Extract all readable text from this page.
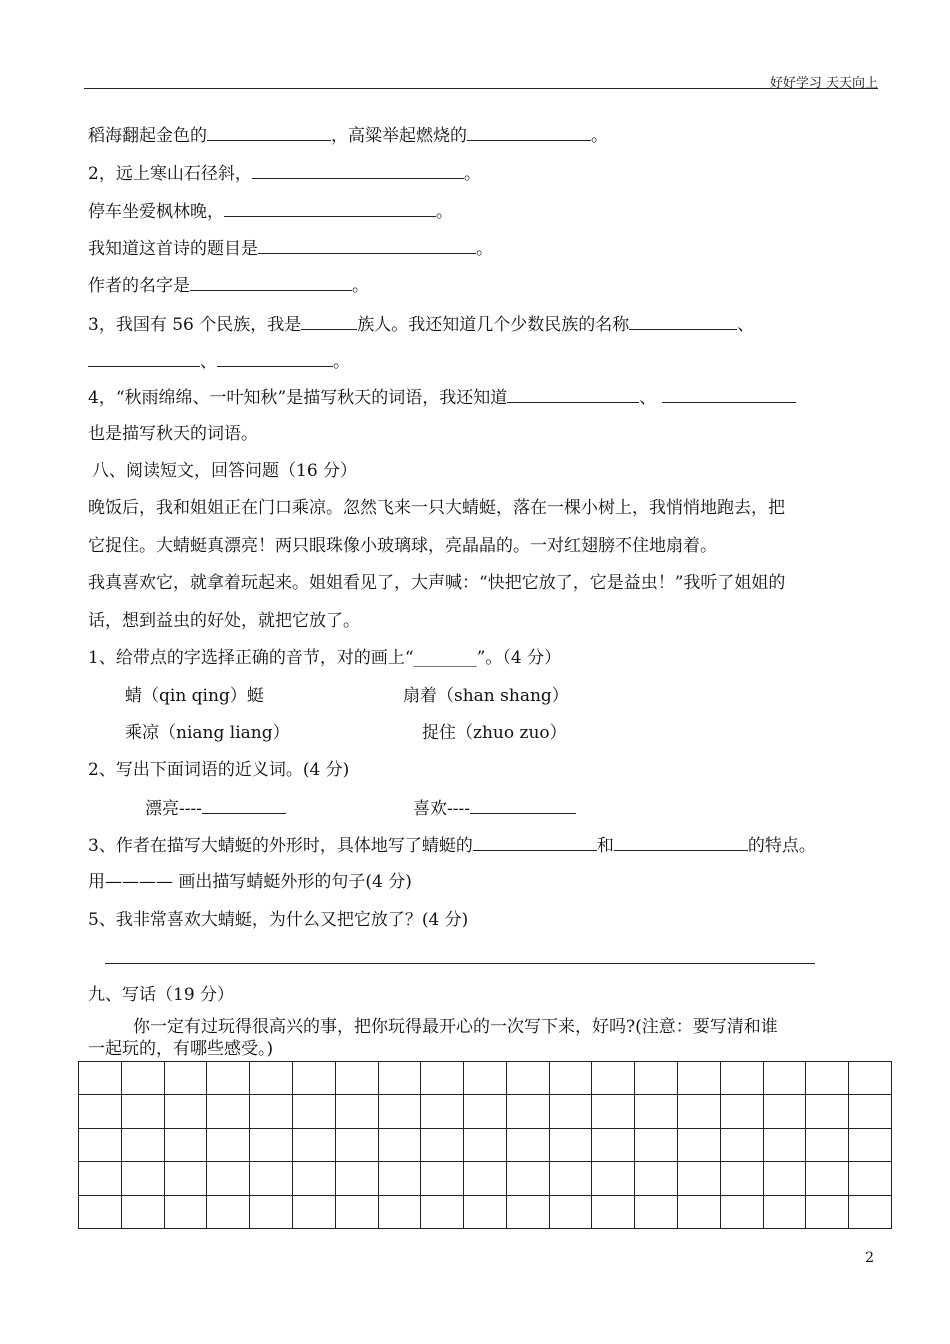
好好学习 天天向上
稻海翻起金色的	，高粱举起燃烧的	。
2，远上寒山石径斜，	。
停车坐爱枫林晚，	。
我知道这首诗的题目是	。
作者的名字是	。
3，我国有 56 个民族，我是	族人。我还知道几个少数民族的名称	、
、	。
4，“秋雨绵绵、一叶知秋”是描写秋天的词语，我还知道	、
也是描写秋天的词语。
八、阅读短文，回答问题（16 分）
晚饭后，我和姐姐正在门口乘凉。忽然飞来一只大蜻蜓，落在一棵小树上，我悄悄地跑去，把
它捉住。大蜻蜓真漂亮！两只眼珠像小玻璃球，亮晶晶的。一对红翅膀不住地扇着。
我真喜欢它，就拿着玩起来。姐姐看见了，大声喊：“快把它放了，它是益虫！”我听了姐姐的
话，想到益虫的好处，就把它放了。
1、给带点的字选择正确的音节，对的画上“_______”。（4 分）
蜻（qin qing）蜓	扇着（shan shang）
乘凉（niang liang）	捉住（zhuo zuo）
2、写出下面词语的近义词。(4 分)
漂亮----	喜欢----
3、作者在描写大蜻蜓的外形时，具体地写了蜻蜓的	和	的特点。
用———— 画出描写蜻蜓外形的句子(4 分)
5、我非常喜欢大蜻蜓，为什么又把它放了？(4 分)
九、写话（19 分）
你一定有过玩得很高兴的事，把你玩得最开心的一次写下来，好吗?(注意：要写清和谁
一起玩的，有哪些感受。)
2
